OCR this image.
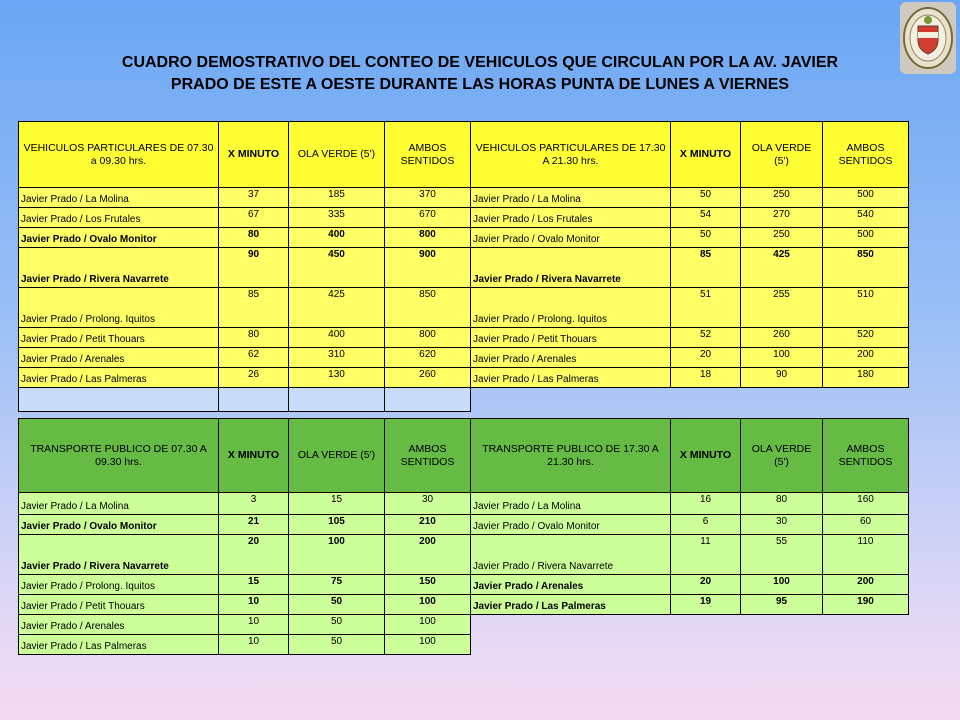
CUADRO DEMOSTRATIVO DEL CONTEO DE VEHICULOS QUE CIRCULAN POR LA AV. JAVIER
PRADO DE ESTE A OESTE DURANTE LAS HORAS PUNTA DE LUNES A VIERNES
VEHICULOS PARTICULARES DE 07.30 a 09.30 hrs.	X MINUTO	OLA VERDE (5')	AMBOS SENTIDOS	VEHICULOS PARTICULARES DE 17.30 A 21.30 hrs.	X MINUTO	OLA VERDE (5')	AMBOS SENTIDOS
Javier Prado / La Molina	37	185	370	Javier Prado / La Molina	50	250	500
Javier Prado / Los Frutales	67	335	670	Javier Prado / Los Frutales	54	270	540
Javier Prado / Ovalo Monitor	80	400	800	Javier Prado / Ovalo Monitor	50	250	500
Javier Prado / Rivera Navarrete	90	450	900	Javier Prado / Rivera Navarrete	85	425	850
Javier Prado / Prolong. Iquitos	85	425	850	Javier Prado / Prolong. Iquitos	51	255	510
Javier Prado / Petit Thouars	80	400	800	Javier Prado / Petit Thouars	52	260	520
Javier Prado / Arenales	62	310	620	Javier Prado / Arenales	20	100	200
Javier Prado / Las Palmeras	26	130	260	Javier Prado / Las Palmeras	18	90	180

TRANSPORTE PUBLICO DE 07.30 A 09.30 hrs.	X MINUTO	OLA VERDE (5')	AMBOS SENTIDOS	TRANSPORTE PUBLICO DE 17.30 A 21.30 hrs.	X MINUTO	OLA VERDE (5')	AMBOS SENTIDOS
Javier Prado / La Molina	3	15	30	Javier Prado / La Molina	16	80	160
Javier Prado / Ovalo Monitor	21	105	210	Javier Prado / Ovalo Monitor	6	30	60
Javier Prado / Rivera Navarrete	20	100	200	Javier Prado / Rivera Navarrete	11	55	110
Javier Prado / Prolong. Iquitos	15	75	150	Javier Prado / Arenales	20	100	200
Javier Prado / Petit Thouars	10	50	100	Javier Prado / Las Palmeras	19	95	190
Javier Prado / Arenales	10	50	100				
Javier Prado / Las Palmeras	10	50	100				
